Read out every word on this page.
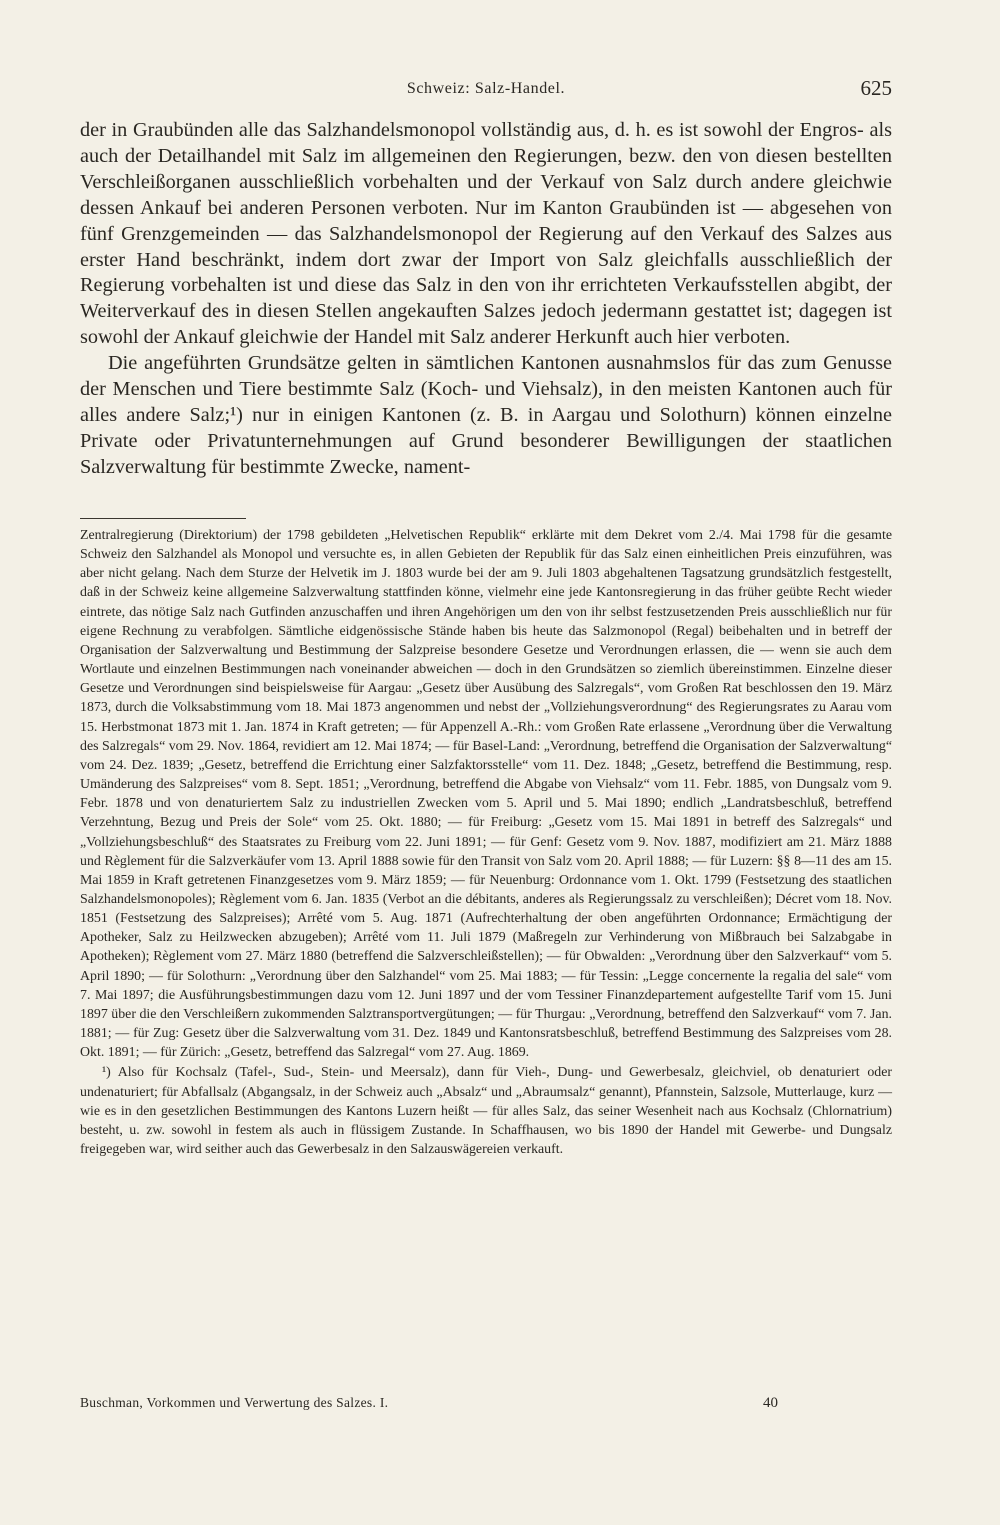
Schweiz: Salz-Handel.	625

der in Graubünden alle das Salzhandelsmonopol vollständig aus, d. h. es ist sowohl der Engros- als auch der Detailhandel mit Salz im allgemeinen den Regierungen, bezw. den von diesen bestellten Verschleißorganen ausschließlich vorbehalten und der Verkauf von Salz durch andere gleichwie dessen Ankauf bei anderen Personen verboten. Nur im Kanton Graubünden ist — abgesehen von fünf Grenzgemeinden — das Salzhandelsmonopol der Regierung auf den Verkauf des Salzes aus erster Hand beschränkt, indem dort zwar der Import von Salz gleichfalls ausschließlich der Regierung vorbehalten ist und diese das Salz in den von ihr errichteten Verkaufsstellen abgibt, der Weiterverkauf des in diesen Stellen angekauften Salzes jedoch jedermann gestattet ist; dagegen ist sowohl der Ankauf gleichwie der Handel mit Salz anderer Herkunft auch hier verboten.

Die angeführten Grundsätze gelten in sämtlichen Kantonen ausnahmslos für das zum Genusse der Menschen und Tiere bestimmte Salz (Koch- und Viehsalz), in den meisten Kantonen auch für alles andere Salz;¹) nur in einigen Kantonen (z. B. in Aargau und Solothurn) können einzelne Private oder Privatunternehmungen auf Grund besonderer Bewilligungen der staatlichen Salzverwaltung für bestimmte Zwecke, nament-

Zentralregierung (Direktorium) der 1798 gebildeten „Helvetischen Republik“ erklärte mit dem Dekret vom 2./4. Mai 1798 für die gesamte Schweiz den Salzhandel als Monopol und versuchte es, in allen Gebieten der Republik für das Salz einen einheitlichen Preis einzuführen, was aber nicht gelang. Nach dem Sturze der Helvetik im J. 1803 wurde bei der am 9. Juli 1803 abgehaltenen Tagsatzung grundsätzlich festgestellt, daß in der Schweiz keine allgemeine Salzverwaltung stattfinden könne, vielmehr eine jede Kantonsregierung in das früher geübte Recht wieder eintrete, das nötige Salz nach Gutfinden anzuschaffen und ihren Angehörigen um den von ihr selbst festzusetzenden Preis ausschließlich nur für eigene Rechnung zu verabfolgen. Sämtliche eidgenössische Stände haben bis heute das Salzmonopol (Regal) beibehalten und in betreff der Organisation der Salzverwaltung und Bestimmung der Salzpreise besondere Gesetze und Verordnungen erlassen, die — wenn sie auch dem Wortlaute und einzelnen Bestimmungen nach voneinander abweichen — doch in den Grundsätzen so ziemlich übereinstimmen. Einzelne dieser Gesetze und Verordnungen sind beispielsweise für Aargau: „Gesetz über Ausübung des Salzregals“, vom Großen Rat beschlossen den 19. März 1873, durch die Volksabstimmung vom 18. Mai 1873 angenommen und nebst der „Vollziehungsverordnung“ des Regierungsrates zu Aarau vom 15. Herbstmonat 1873 mit 1. Jan. 1874 in Kraft getreten; — für Appenzell A.-Rh.: vom Großen Rate erlassene „Verordnung über die Verwaltung des Salzregals“ vom 29. Nov. 1864, revidiert am 12. Mai 1874; — für Basel-Land: „Verordnung, betreffend die Organisation der Salzverwaltung“ vom 24. Dez. 1839; „Gesetz, betreffend die Errichtung einer Salzfaktorsstelle“ vom 11. Dez. 1848; „Gesetz, betreffend die Bestimmung, resp. Umänderung des Salzpreises“ vom 8. Sept. 1851; „Verordnung, betreffend die Abgabe von Viehsalz“ vom 11. Febr. 1885, von Dungsalz vom 9. Febr. 1878 und von denaturiertem Salz zu industriellen Zwecken vom 5. April und 5. Mai 1890; endlich „Landratsbeschluß, betreffend Verzehntung, Bezug und Preis der Sole“ vom 25. Okt. 1880; — für Freiburg: „Gesetz vom 15. Mai 1891 in betreff des Salzregals“ und „Vollziehungsbeschluß“ des Staatsrates zu Freiburg vom 22. Juni 1891; — für Genf: Gesetz vom 9. Nov. 1887, modifiziert am 21. März 1888 und Règlement für die Salzverkäufer vom 13. April 1888 sowie für den Transit von Salz vom 20. April 1888; — für Luzern: §§ 8—11 des am 15. Mai 1859 in Kraft getretenen Finanzgesetzes vom 9. März 1859; — für Neuenburg: Ordonnance vom 1. Okt. 1799 (Festsetzung des staatlichen Salzhandelsmonopoles); Règlement vom 6. Jan. 1835 (Verbot an die débitants, anderes als Regierungssalz zu verschleißen); Décret vom 18. Nov. 1851 (Festsetzung des Salzpreises); Arrêté vom 5. Aug. 1871 (Aufrechterhaltung der oben angeführten Ordonnance; Ermächtigung der Apotheker, Salz zu Heilzwecken abzugeben); Arrêté vom 11. Juli 1879 (Maßregeln zur Verhinderung von Mißbrauch bei Salzabgabe in Apotheken); Règlement vom 27. März 1880 (betreffend die Salzverschleißstellen); — für Obwalden: „Verordnung über den Salzverkauf“ vom 5. April 1890; — für Solothurn: „Verordnung über den Salzhandel“ vom 25. Mai 1883; — für Tessin: „Legge concernente la regalia del sale“ vom 7. Mai 1897; die Ausführungsbestimmungen dazu vom 12. Juni 1897 und der vom Tessiner Finanzdepartement aufgestellte Tarif vom 15. Juni 1897 über die den Verschleißern zukommenden Salztransportvergütungen; — für Thurgau: „Verordnung, betreffend den Salzverkauf“ vom 7. Jan. 1881; — für Zug: Gesetz über die Salzverwaltung vom 31. Dez. 1849 und Kantonsratsbeschluß, betreffend Bestimmung des Salzpreises vom 28. Okt. 1891; — für Zürich: „Gesetz, betreffend das Salzregal“ vom 27. Aug. 1869.

¹) Also für Kochsalz (Tafel-, Sud-, Stein- und Meersalz), dann für Vieh-, Dung- und Gewerbesalz, gleichviel, ob denaturiert oder undenaturiert; für Abfallsalz (Abgangsalz, in der Schweiz auch „Absalz“ und „Abraumsalz“ genannt), Pfannstein, Salzsole, Mutterlauge, kurz — wie es in den gesetzlichen Bestimmungen des Kantons Luzern heißt — für alles Salz, das seiner Wesenheit nach aus Kochsalz (Chlornatrium) besteht, u. zw. sowohl in festem als auch in flüssigem Zustande. In Schaffhausen, wo bis 1890 der Handel mit Gewerbe- und Dungsalz freigegeben war, wird seither auch das Gewerbesalz in den Salzauswägereien verkauft.

Buschman, Vorkommen und Verwertung des Salzes. I.	40
